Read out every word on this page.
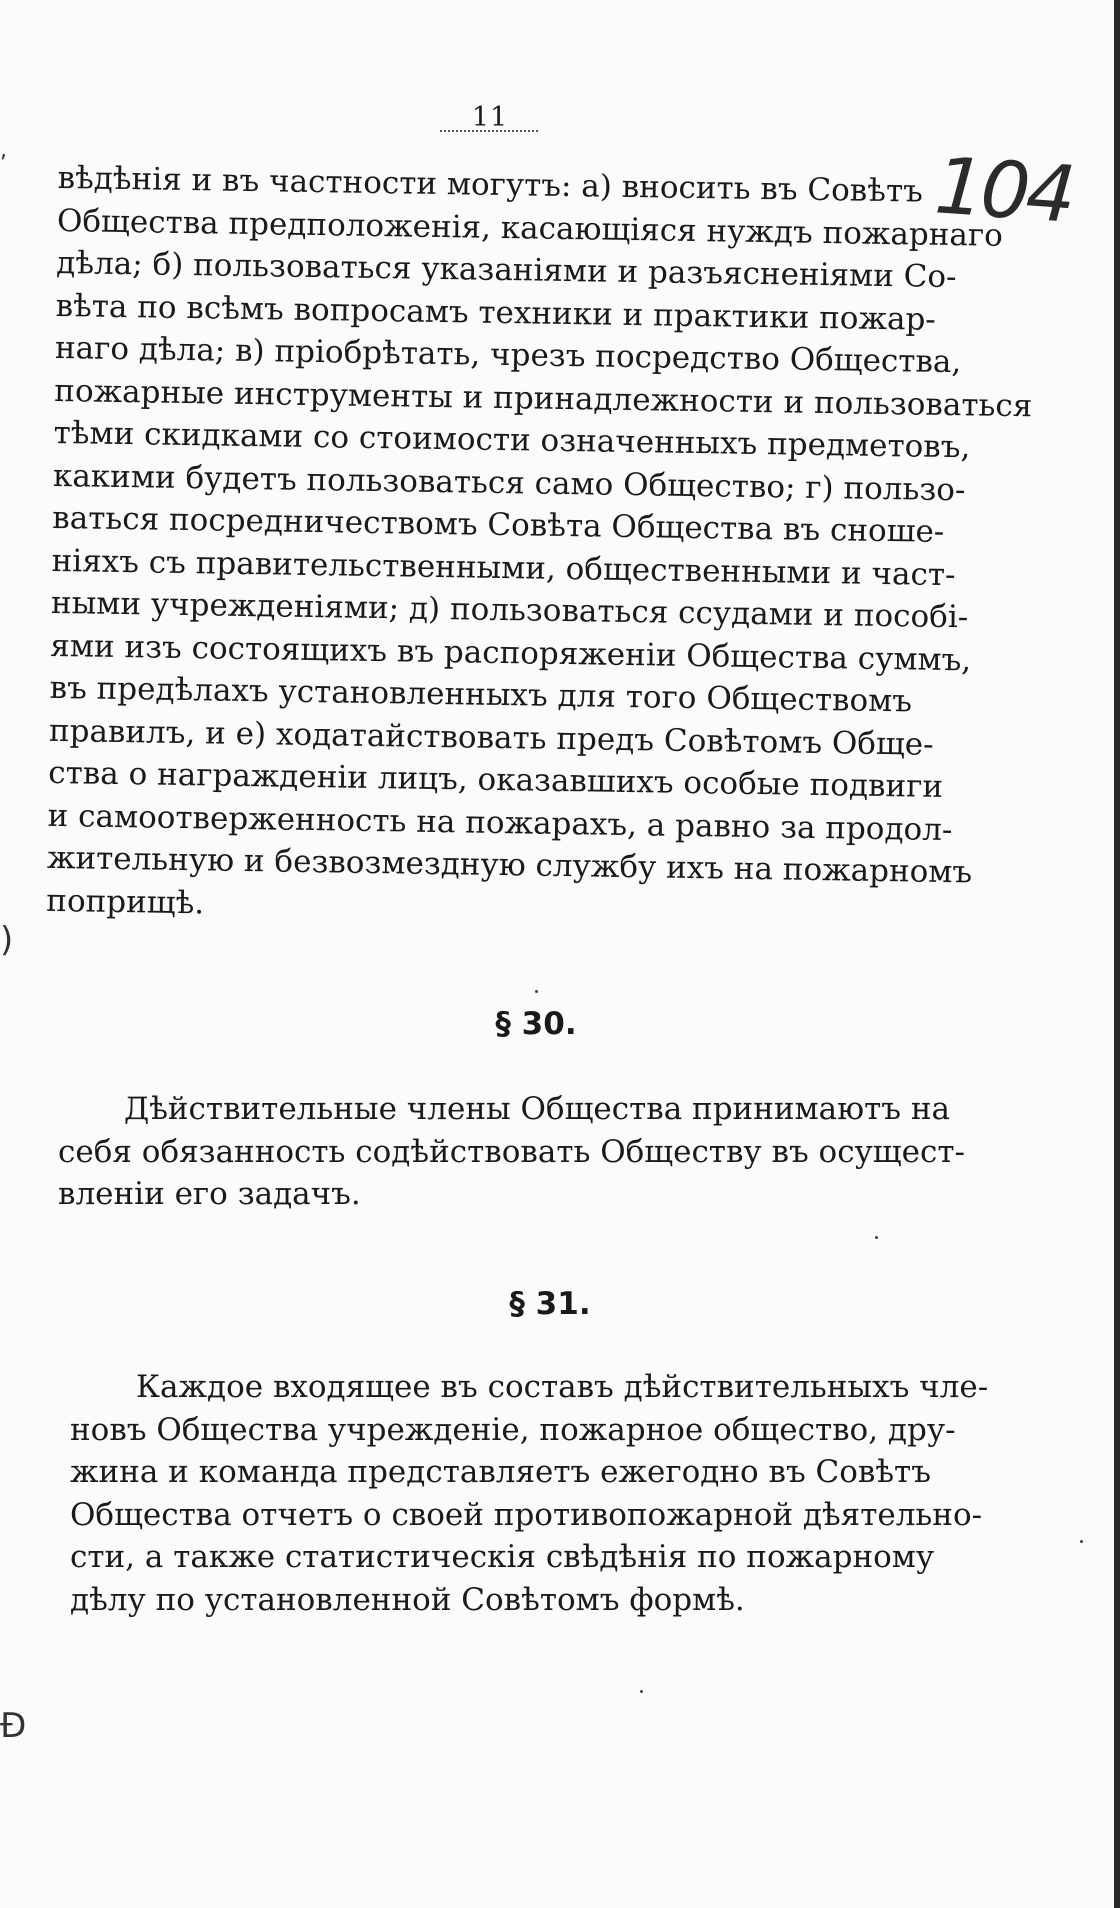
,
)
Ð
11
104
вѣдѣнія и въ частности могутъ: а) вносить въ Совѣтъ
Общества предположенія, касающіяся нуждъ пожарнаго
дѣла; б) пользоваться указаніями и разъясненіями Со-
вѣта по всѣмъ вопросамъ техники и практики пожар-
наго дѣла; в) пріобрѣтать, чрезъ посредство Общества,
пожарные инструменты и принадлежности и пользоваться
тѣми скидками со стоимости означенныхъ предметовъ,
какими будетъ пользоваться само Общество; г) пользо-
ваться посредничествомъ Совѣта Общества въ сноше-
ніяхъ съ правительственными, общественными и част-
ными учрежденіями; д) пользоваться ссудами и пособі-
ями изъ состоящихъ въ распоряженіи Общества суммъ,
въ предѣлахъ установленныхъ для того Обществомъ
правилъ, и е) ходатайствовать предъ Совѣтомъ Обще-
ства о награжденіи лицъ, оказавшихъ особые подвиги
и самоотверженность на пожарахъ, а равно за продол-
жительную и безвозмездную службу ихъ на пожарномъ
поприщѣ.
§ 30.
Дѣйствительные члены Общества принимаютъ на
себя обязанность содѣйствовать Обществу въ осущест-
вленіи его задачъ.
§ 31.
Каждое входящее въ составъ дѣйствительныхъ чле-
новъ Общества учрежденіе, пожарное общество, дру-
жина и команда представляетъ ежегодно въ Совѣтъ
Общества отчетъ о своей противопожарной дѣятельно-
сти, а также статистическія свѣдѣнія по пожарному
дѣлу по установленной Совѣтомъ формѣ.
